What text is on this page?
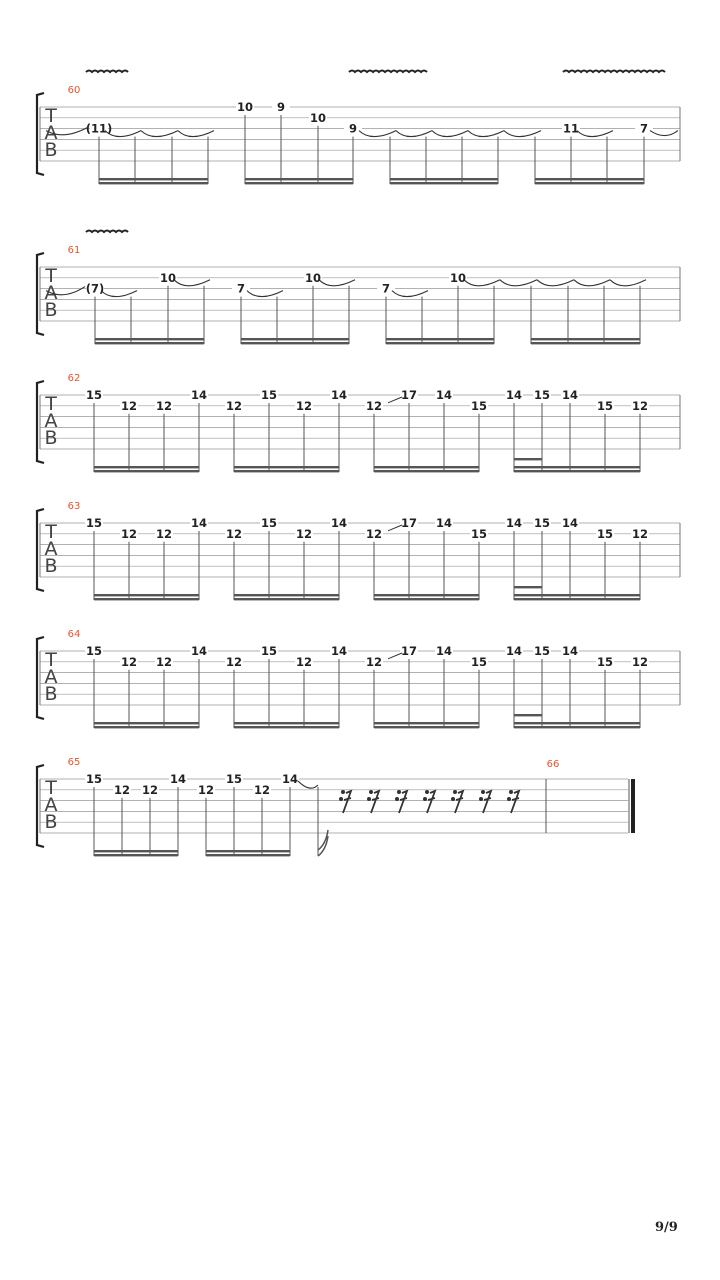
T
A
B
60
(11)
10 9
10
9	11	7
T
A
B
61
(7)
10
7
10
7
10
T
A
B
62
15
12 12
14
12
15
12
14
12
17 14
15
14 15 14
15 12
T
A
B
63
15
12 12
14
12
15
12
14
12
17 14
15
14 15 14
15 12
T
A
B
64
15
12 12
14
12
15
12
14
12
17 14
15
14 15 14
15 12
T
A
B
65
15
12 12
14
12
15
12
14
66
9/9
